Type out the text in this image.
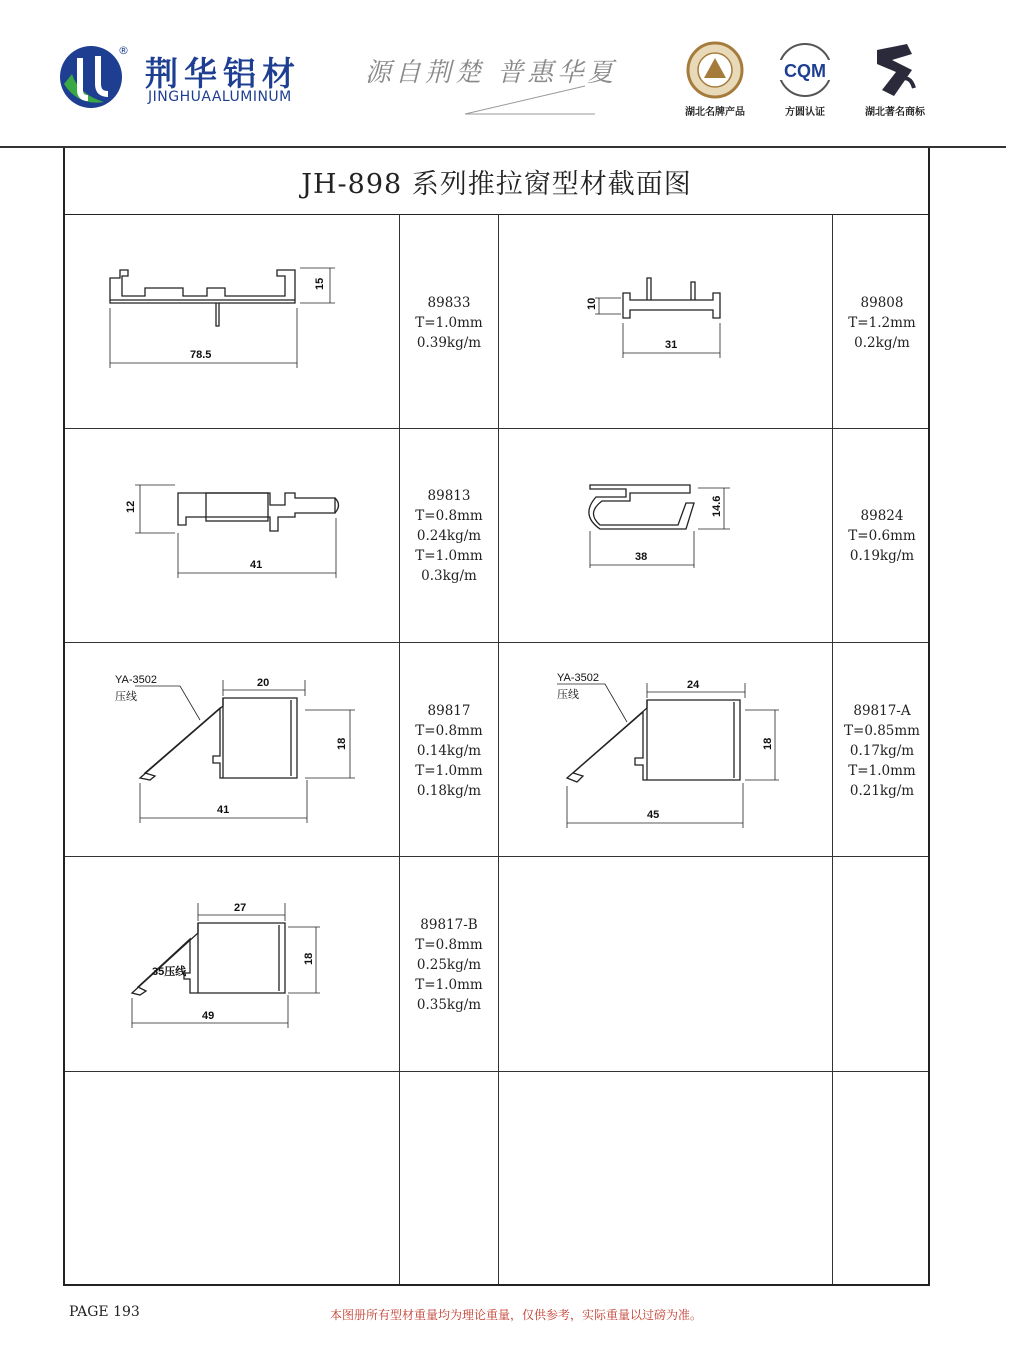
®
荆华铝材
JINGHUAALUMINUM
源自荆楚 普惠华夏
湖北名牌产品
CQM
方圆认证	湖北著名商标
JH-898 系列推拉窗型材截面图
89833
T=1.0mm
0.39kg/m
89808
T=1.2mm
0.2kg/m
89813
T=0.8mm
0.24kg/m
T=1.0mm
0.3kg/m
89824
T=0.6mm
0.19kg/m
89817
T=0.8mm
0.14kg/m
T=1.0mm
0.18kg/m
89817-A
T=0.85mm
0.17kg/m
T=1.0mm
0.21kg/m
89817-B
T=0.8mm
0.25kg/m
T=1.0mm
0.35kg/m
78.5
15
31
10
41
12
38
14.6
YA-3502
压线
20
41
18
YA-3502
压线
24
45
18
35压线
27
49
18
PAGE 193	本图册所有型材重量均为理论重量，仅供参考，实际重量以过磅为准。
